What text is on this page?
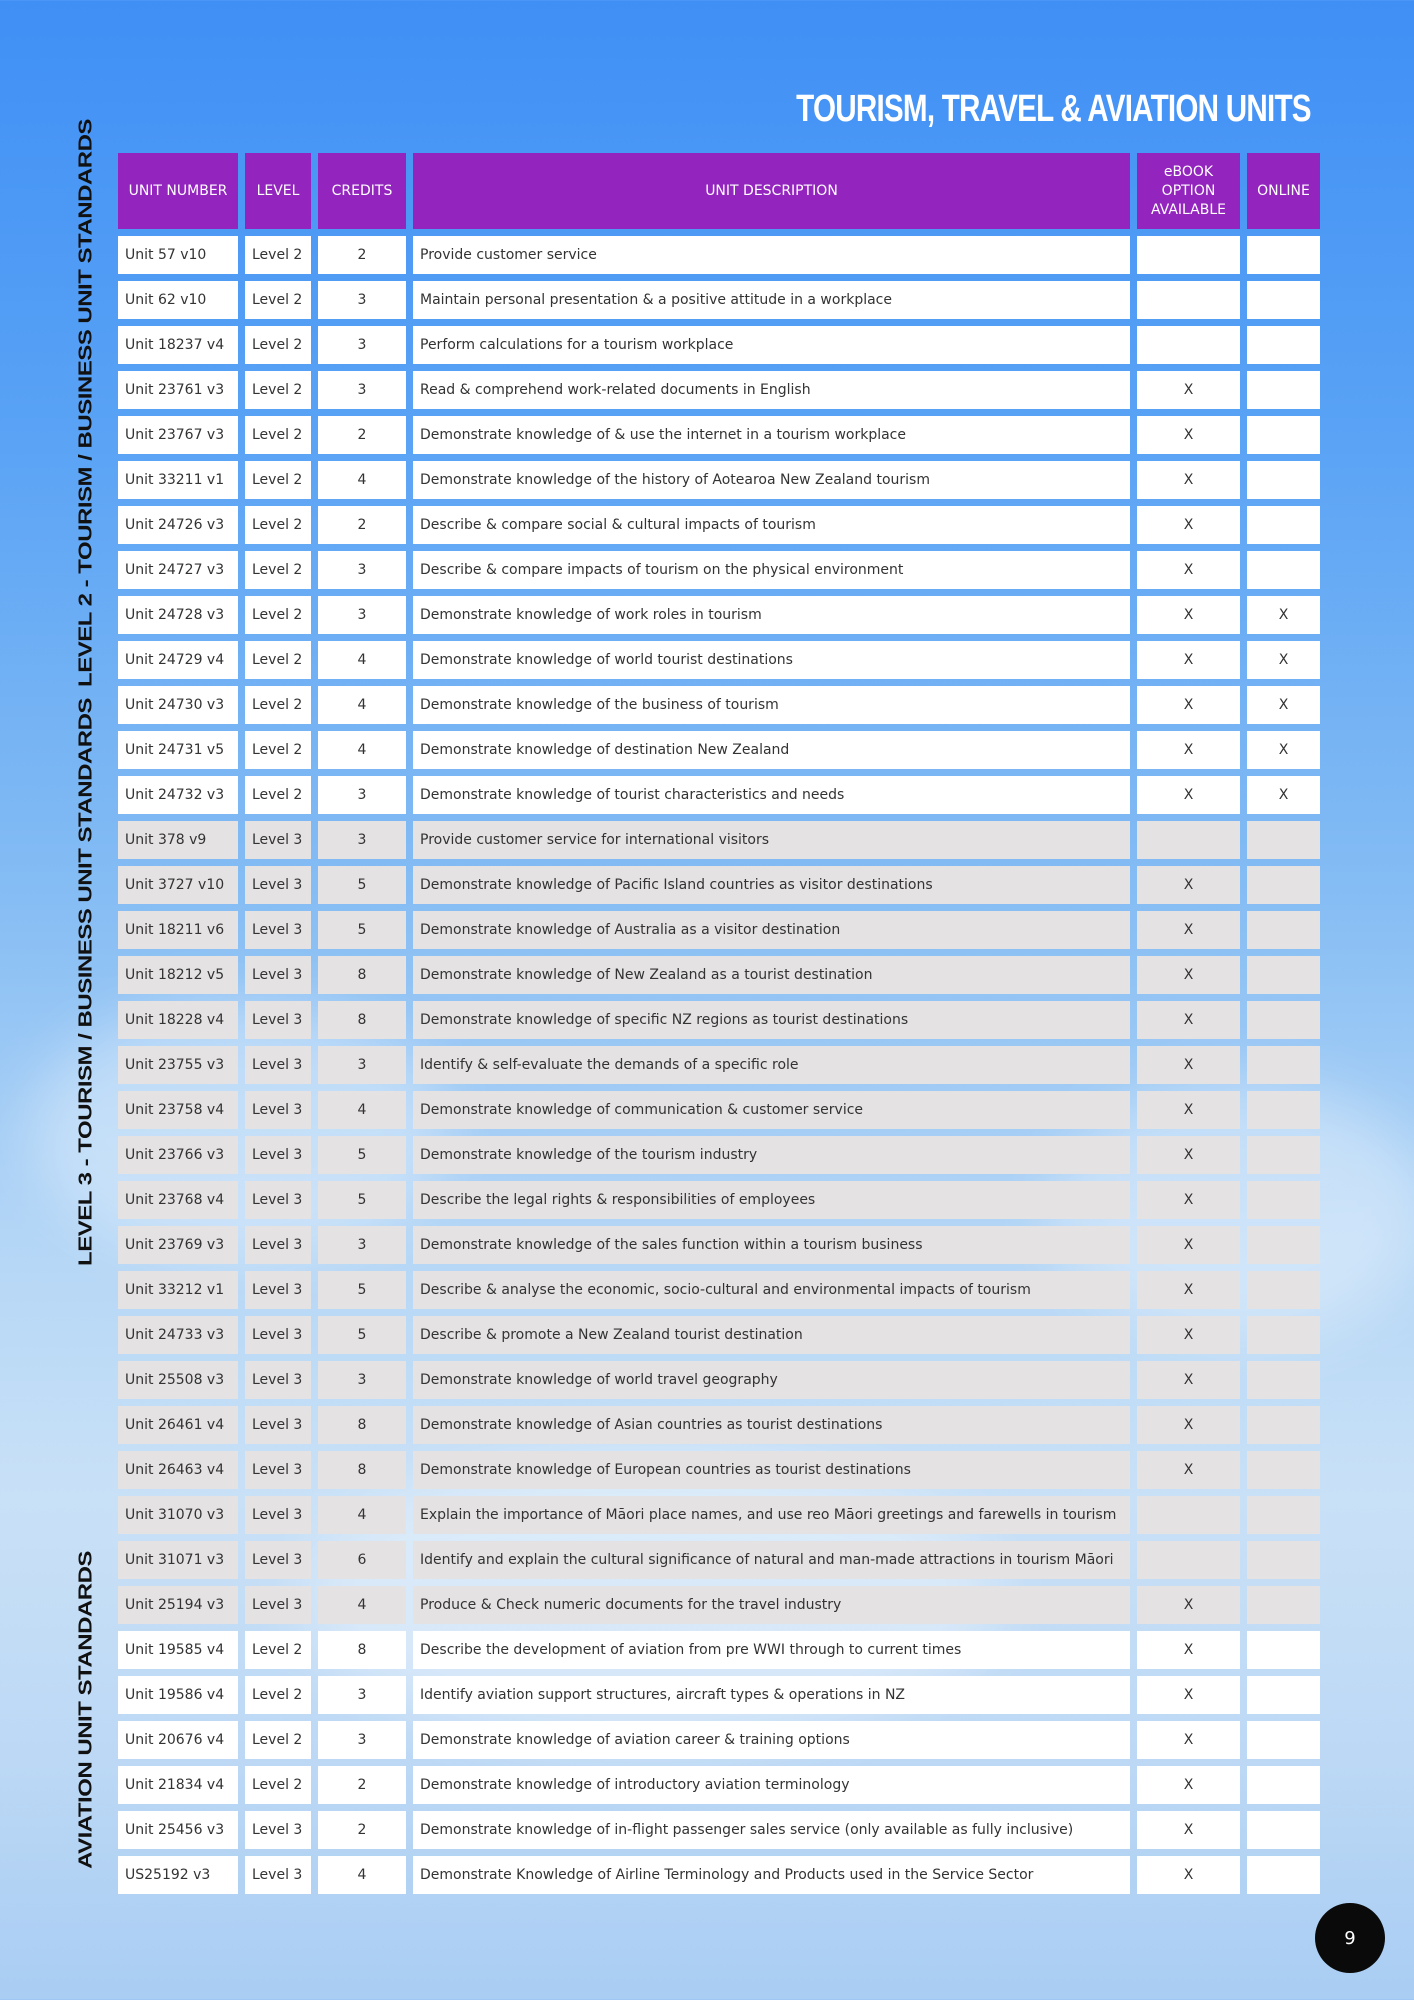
TOURISM, TRAVEL & AVIATION UNITS
LEVEL 2 - TOURISM / BUSINESS UNIT STANDARDS
LEVEL 3 - TOURISM / BUSINESS UNIT STANDARDS
AVIATION UNIT STANDARDS
UNIT NUMBER	LEVEL	CREDITS	UNIT DESCRIPTION	eBOOK OPTION AVAILABLE	ONLINE
Unit 57 v10	Level 2	2	Provide customer service		
Unit 62 v10	Level 2	3	Maintain personal presentation & a positive attitude in a workplace		
Unit 18237 v4	Level 2	3	Perform calculations for a tourism workplace		
Unit 23761 v3	Level 2	3	Read & comprehend work-related documents in English	X	
Unit 23767 v3	Level 2	2	Demonstrate knowledge of & use the internet in a tourism workplace	X	
Unit 33211 v1	Level 2	4	Demonstrate knowledge of the history of Aotearoa New Zealand tourism	X	
Unit 24726 v3	Level 2	2	Describe & compare social & cultural impacts of tourism	X	
Unit 24727 v3	Level 2	3	Describe & compare impacts of tourism on the physical environment	X	
Unit 24728 v3	Level 2	3	Demonstrate knowledge of work roles in tourism	X	X
Unit 24729 v4	Level 2	4	Demonstrate knowledge of world tourist destinations	X	X
Unit 24730 v3	Level 2	4	Demonstrate knowledge of the business of tourism	X	X
Unit 24731 v5	Level 2	4	Demonstrate knowledge of destination New Zealand	X	X
Unit 24732 v3	Level 2	3	Demonstrate knowledge of tourist characteristics and needs	X	X
Unit 378 v9	Level 3	3	Provide customer service for international visitors		
Unit 3727 v10	Level 3	5	Demonstrate knowledge of Pacific Island countries as visitor destinations	X	
Unit 18211 v6	Level 3	5	Demonstrate knowledge of Australia as a visitor destination	X	
Unit 18212 v5	Level 3	8	Demonstrate knowledge of New Zealand as a tourist destination	X	
Unit 18228 v4	Level 3	8	Demonstrate knowledge of specific NZ regions as tourist destinations	X	
Unit 23755 v3	Level 3	3	Identify & self-evaluate the demands of a specific role	X	
Unit 23758 v4	Level 3	4	Demonstrate knowledge of communication & customer service	X	
Unit 23766 v3	Level 3	5	Demonstrate knowledge of the tourism industry	X	
Unit 23768 v4	Level 3	5	Describe the legal rights & responsibilities of employees	X	
Unit 23769 v3	Level 3	3	Demonstrate knowledge of the sales function within a tourism business	X	
Unit 33212 v1	Level 3	5	Describe & analyse the economic, socio-cultural and environmental impacts of tourism	X	
Unit 24733 v3	Level 3	5	Describe & promote a New Zealand tourist destination	X	
Unit 25508 v3	Level 3	3	Demonstrate knowledge of world travel geography	X	
Unit 26461 v4	Level 3	8	Demonstrate knowledge of Asian countries as tourist destinations	X	
Unit 26463 v4	Level 3	8	Demonstrate knowledge of European countries as tourist destinations	X	
Unit 31070 v3	Level 3	4	Explain the importance of Māori place names, and use reo Māori greetings and farewells in tourism		
Unit 31071 v3	Level 3	6	Identify and explain the cultural significance of natural and man-made attractions in tourism Māori		
Unit 25194 v3	Level 3	4	Produce & Check numeric documents for the travel industry	X	
Unit 19585 v4	Level 2	8	Describe the development of aviation from pre WWI through to current times	X	
Unit 19586 v4	Level 2	3	Identify aviation support structures, aircraft types & operations in NZ	X	
Unit 20676 v4	Level 2	3	Demonstrate knowledge of aviation career & training options	X	
Unit 21834 v4	Level 2	2	Demonstrate knowledge of introductory aviation terminology	X	
Unit 25456 v3	Level 3	2	Demonstrate knowledge of in-flight passenger sales service (only available as fully inclusive)	X	
US25192 v3	Level 3	4	Demonstrate Knowledge of Airline Terminology and Products used in the Service Sector	X	
9
